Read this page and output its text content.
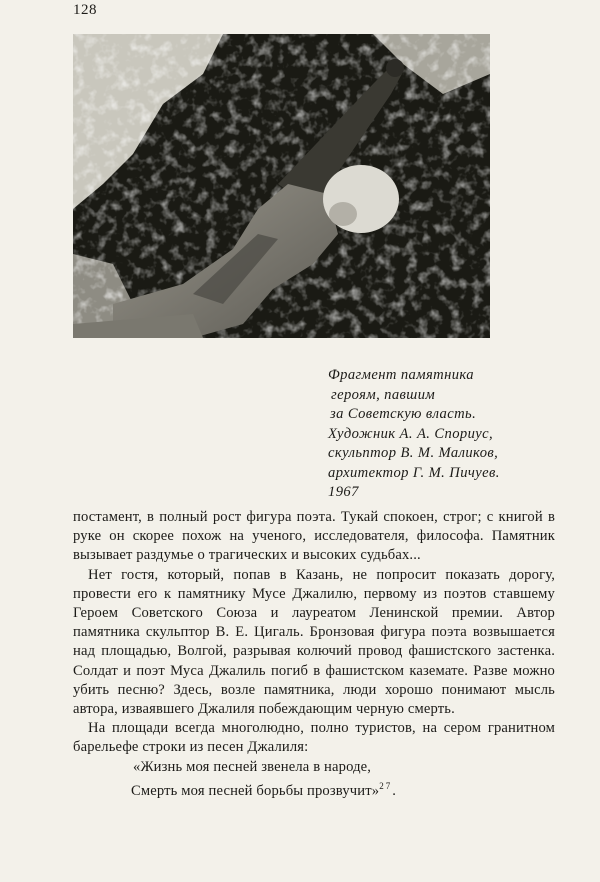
128
Фрагмент памятника
героям, павшим
за Советскую власть.
Художник А. А. Спориус,
скульптор В. М. Маликов,
архитектор Г. М. Пичуев.
1967

постамент, в полный рост фигура поэта. Тукай спокоен, строг; с книгой в руке он скорее похож на ученого, исследователя, философа. Памятник вызывает раздумье о трагических и высоких судьбах...

Нет гостя, который, попав в Казань, не попросит показать дорогу, провести его к памятнику Мусе Джалилю, первому из поэтов ставшему Героем Советского Союза и лауреатом Ленинской премии. Автор памятника скульптор В. Е. Цигаль. Бронзовая фигура поэта возвышается над площадью, Волгой, разрывая колючий провод фашистского застенка. Солдат и поэт Муса Джалиль погиб в фашистском каземате. Разве можно убить песню? Здесь, возле памятника, люди хорошо понимают мысль автора, изваявшего Джалиля побеждающим черную смерть.

На площади всегда многолюдно, полно туристов, на сером гранитном барельефе строки из песен Джалиля:

«Жизнь моя песней звенела в народе,
Смерть моя песней борьбы прозвучит»$^{27}$.
